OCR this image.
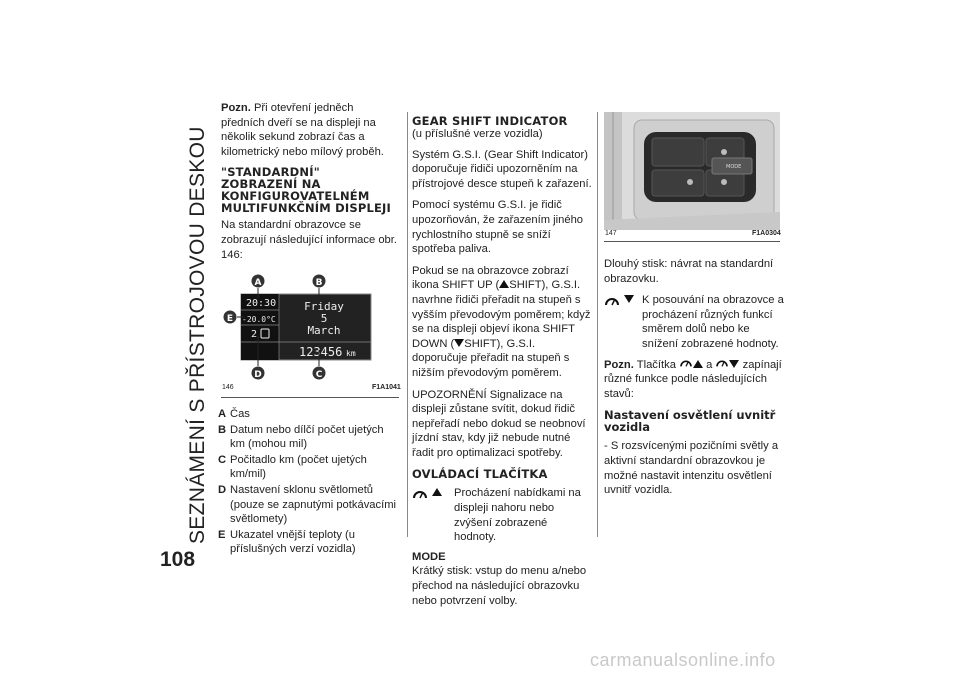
SEZNÁMENÍ S PŘÍSTROJOVOU DESKOU
108

Pozn. Při otevření jedněch předních dveří se na displeji na několik sekund zobrazí čas a kilometrický nebo mílový proběh.

"STANDARDNÍ" ZOBRAZENÍ NA KONFIGUROVATELNÉM MULTIFUNKČNÍM DISPLEJI

Na standardní obrazovce se zobrazují následující informace obr. 146:

20:30
-20.0°C
2
Friday
5
March
123456 km
A	B
C
D
E
146	F1A1041
A Čas
B Datum nebo dílčí počet ujetých km (mohou mil)
C Počitadlo km (počet ujetých km/mil)
D Nastavení sklonu světlometů (pouze se zapnutými potkávacími světlomety)
E Ukazatel vnější teploty (u příslušných verzí vozidla)
GEAR SHIFT INDICATOR

(u příslušné verze vozidla)

Systém G.S.I. (Gear Shift Indicator) doporučuje řidiči upozorněním na přístrojové desce stupeň k zařazení.

Pomocí systému G.S.I. je řidič upozorňován, že zařazením jiného rychlostního stupně se sníží spotřeba paliva.

Pokud se na obrazovce zobrazí ikona SHIFT UP ( SHIFT), G.S.I. navrhne řidiči přeřadit na stupeň s vyšším převodovým poměrem; když se na displeji objeví ikona SHIFT DOWN ( SHIFT), G.S.I. doporučuje přeřadit na stupeň s nižším převodovým poměrem.

UPOZORNĚNÍ Signalizace na displeji zůstane svítit, dokud řidič nepřeřadí nebo dokud se neobnoví jízdní stav, kdy již nebude nutné řadit pro optimalizaci spotřeby.

OVLÁDACÍ TLAČÍTKA
Procházení nabídkami na displeji nahoru nebo zvýšení zobrazené hodnoty.
MODE

Krátký stisk: vstup do menu a/nebo přechod na následující obrazovku nebo potvrzení volby.

MODE
147	F1A0304

Dlouhý stisk: návrat na standardní obrazovku.

K posouvání na obrazovce a procházení různých funkcí směrem dolů nebo ke snížení zobrazené hodnoty.

Pozn. Tlačítka	a	zapínají různé funkce podle následujících stavů:

Nastavení osvětlení uvnitř vozidla

- S rozsvícenými pozičními světly a aktivní standardní obrazovkou je možné nastavit intenzitu osvětlení uvnitř vozidla.

carmanualsonline.info
